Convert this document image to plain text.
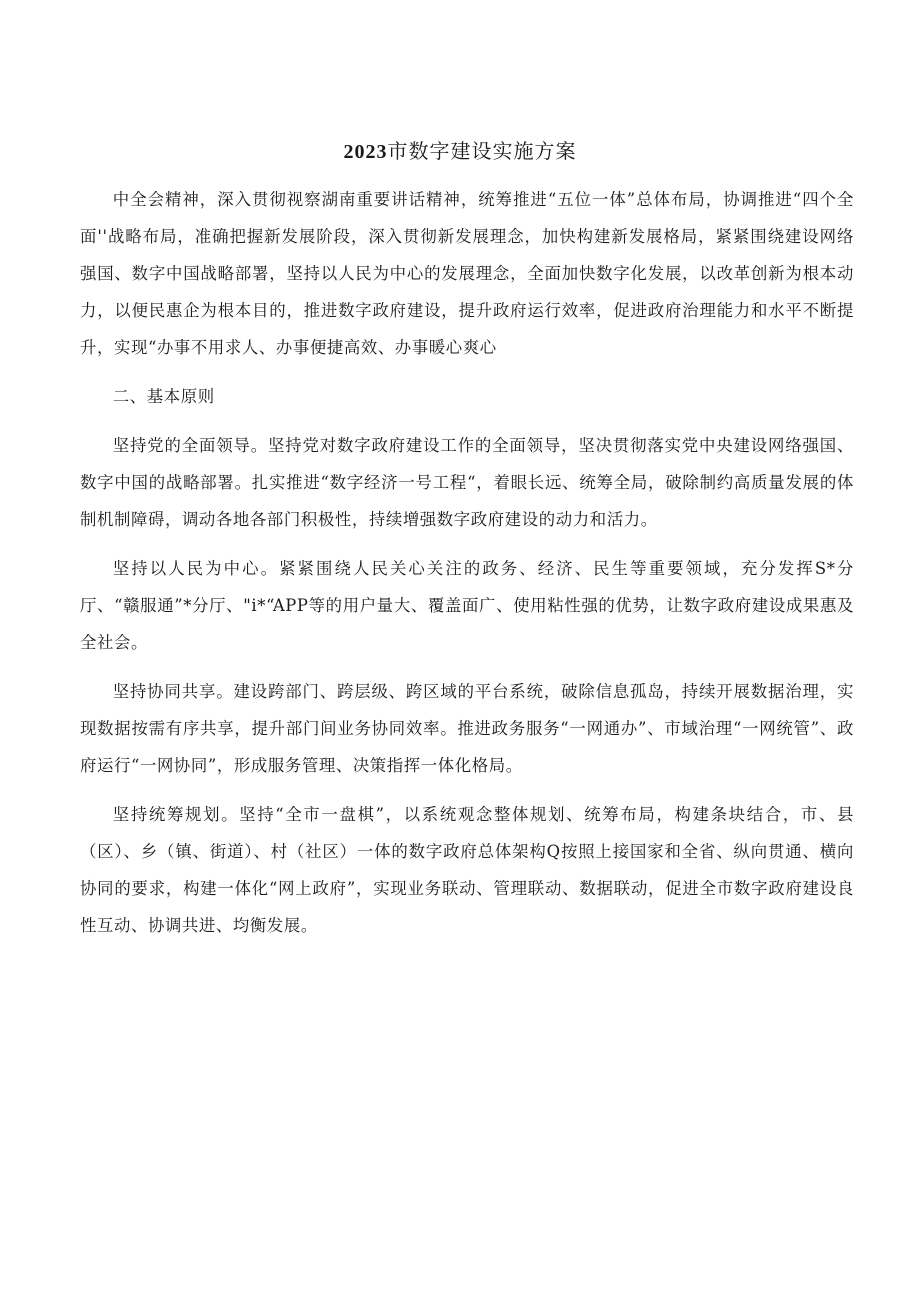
2023市数字建设实施方案

中全会精神，深入贯彻视察湖南重要讲话精神，统筹推进“五位一体”总体布局，协调推进“四个全面''战略布局，准确把握新发展阶段，深入贯彻新发展理念，加快构建新发展格局，紧紧围绕建设网络强国、数字中国战略部署，坚持以人民为中心的发展理念，全面加快数字化发展，以改革创新为根本动力，以便民惠企为根本目的，推进数字政府建设，提升政府运行效率，促进政府治理能力和水平不断提升，实现“办事不用求人、办事便捷高效、办事暖心爽心

二、基本原则

坚持党的全面领导。坚持党对数字政府建设工作的全面领导，坚决贯彻落实党中央建设网络强国、数字中国的战略部署。扎实推进“数字经济一号工程“，着眼长远、统筹全局，破除制约高质量发展的体制机制障碍，调动各地各部门积极性，持续增强数字政府建设的动力和活力。

坚持以人民为中心。紧紧围绕人民关心关注的政务、经济、民生等重要领域，充分发挥S*分厅、“赣服通”*分厅、"i*“APP等的用户量大、覆盖面广、使用粘性强的优势，让数字政府建设成果惠及全社会。

坚持协同共享。建设跨部门、跨层级、跨区域的平台系统，破除信息孤岛，持续开展数据治理，实现数据按需有序共享，提升部门间业务协同效率。推进政务服务“一网通办”、市域治理“一网统管”、政府运行“一网协同”，形成服务管理、决策指挥一体化格局。

坚持统筹规划。坚持“全市一盘棋”，以系统观念整体规划、统筹布局，构建条块结合，市、县（区）、乡（镇、街道）、村（社区）一体的数字政府总体架构Q按照上接国家和全省、纵向贯通、横向协同的要求，构建一体化“网上政府”，实现业务联动、管理联动、数据联动，促进全市数字政府建设良性互动、协调共进、均衡发展。
